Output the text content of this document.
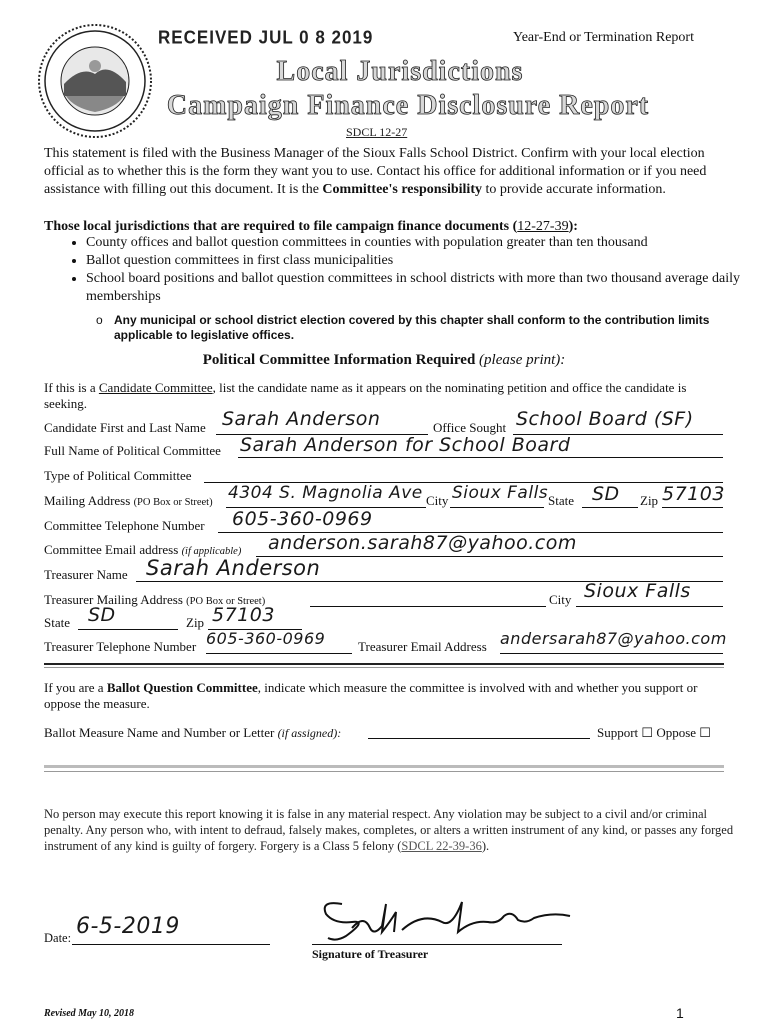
RECEIVED JUL 0 8 2019	Year-End or Termination Report
Local Jurisdictions
Campaign Finance Disclosure Report
SDCL 12-27
This statement is filed with the Business Manager of the Sioux Falls School District. Confirm with your local election official as to whether this is the form they want you to use. Contact his office for additional information or if you need assistance with filling out this document. It is the Committee's responsibility to provide accurate information.
Those local jurisdictions that are required to file campaign finance documents (12-27-39):
• County offices and ballot question committees in counties with population greater than ten thousand
• Ballot question committees in first class municipalities
• School board positions and ballot question committees in school districts with more than two thousand average daily memberships
o Any municipal or school district election covered by this chapter shall conform to the contribution limits applicable to legislative offices.
Political Committee Information Required (please print):
If this is a Candidate Committee, list the candidate name as it appears on the nominating petition and office the candidate is seeking.
Candidate First and Last Name Sarah Anderson	Office Sought School Board (SF)
Full Name of Political Committee Sarah Anderson for School Board
Type of Political Committee
Mailing Address (PO Box or Street) 4304 S. Magnolia Ave City Sioux Falls State SD Zip 57103
Committee Telephone Number 605-360-0969
Committee Email address (if applicable) anderson.sarah87@yahoo.com
Treasurer Name Sarah Anderson
Treasurer Mailing Address (PO Box or Street)	City Sioux Falls
State SD	Zip 57103
Treasurer Telephone Number 605-360-0969	Treasurer Email Address andersarah87@yahoo.com
If you are a Ballot Question Committee, indicate which measure the committee is involved with and whether you support or oppose the measure.
Ballot Measure Name and Number or Letter (if assigned):	Support ☐ Oppose ☐
No person may execute this report knowing it is false in any material respect. Any violation may be subject to a civil and/or criminal penalty. Any person who, with intent to defraud, falsely makes, completes, or alters a written instrument of any kind, or passes any forged instrument of any kind is guilty of forgery. Forgery is a Class 5 felony (SDCL 22-39-36).
Date: 6-5-2019
Signature of Treasurer
Revised May 10, 2018	1
